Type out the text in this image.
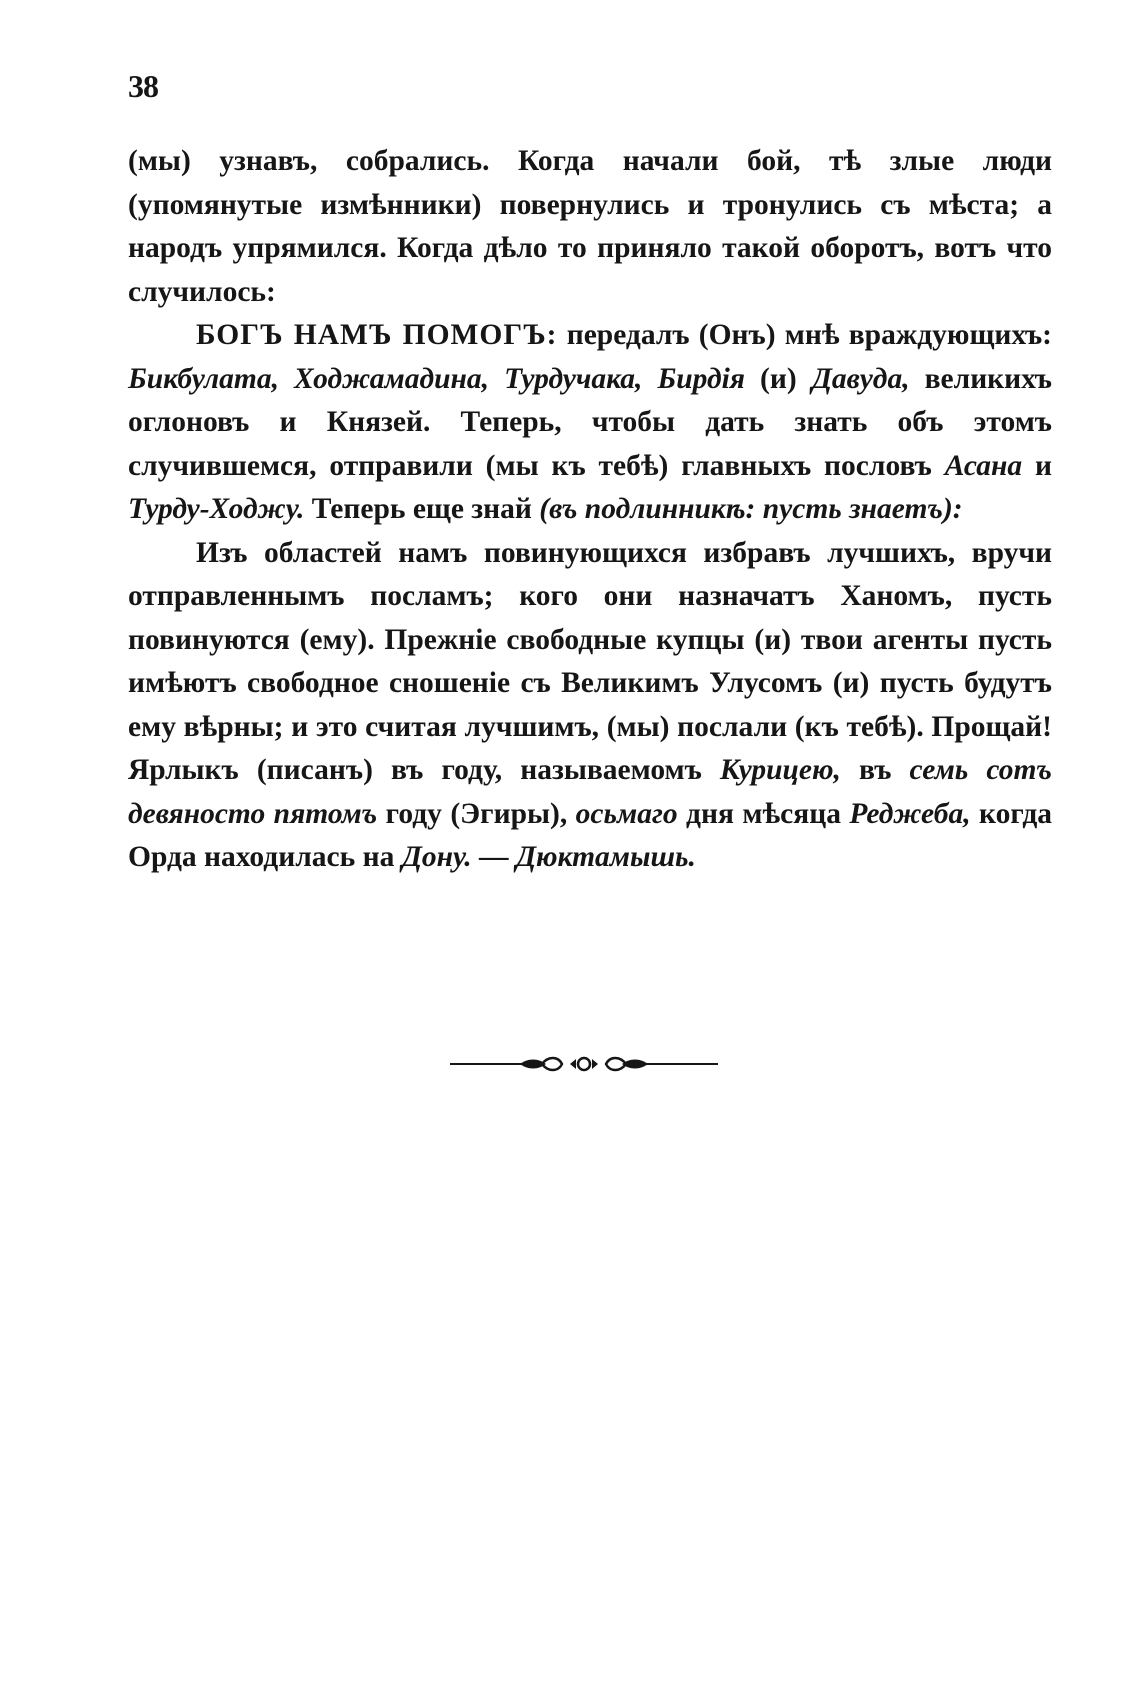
38

(мы) узнавъ, собрались. Когда начали бой, тѣ злые люди (упомянутые измѣнники) повернулись и тронулись съ мѣста; а народъ упрямился. Когда дѣло то приняло такой оборотъ, вотъ что случилось:

БОГЪ НАМЪ ПОМОГЪ: передалъ (Онъ) мнѣ враждующихъ: Бикбулата, Ходжамадина, Турдучака, Бирдія (и) Давуда, великихъ оглоновъ и Князей. Теперь, чтобы дать знать объ этомъ случившемся, отправили (мы къ тебѣ) главныхъ пословъ Асана и Турду-Ходжу. Теперь еще знай (въ подлинникѣ: пусть знаетъ):

Изъ областей намъ повинующихся избравъ лучшихъ, вручи отправленнымъ посламъ; кого они назначатъ Ханомъ, пусть повинуются (ему). Прежніе свободные купцы (и) твои агенты пусть имѣютъ свободное сношеніе съ Великимъ Улусомъ (и) пусть будутъ ему вѣрны; и это считая лучшимъ, (мы) послали (къ тебѣ). Прощай! Ярлыкъ (писанъ) въ году, называемомъ Курицею, въ семь сотъ девяносто пятомъ году (Эгиры), осьмаго дня мѣсяца Реджеба, когда Орда находилась на Дону. — Дюктамышь.
